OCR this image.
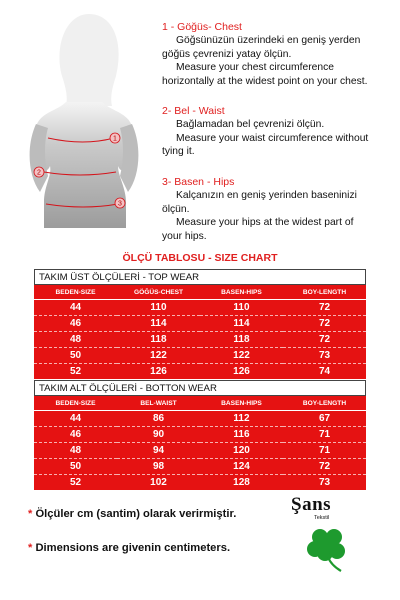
1
2
3
1 - Göğüs- Chest
Göğsünüzün üzerindeki en geniş yerden
göğüs çevrenizi yatay ölçün.
Measure your chest circumference
horizontally at the widest point on your chest.
2- Bel - Waist
Bağlamadan bel çevrenizi ölçün.
Measure your waist circumference without
tying it.
3- Basen - Hips
Kalçanızın en geniş yerinden baseninizi
ölçün.
Measure your hips at the widest part of
your hips.
ÖLÇÜ TABLOSU - SIZE CHART
TAKIM ÜST ÖLÇÜLERİ - TOP WEAR
BEDEN-SIZE	GÖĞÜS-CHEST	BASEN-HIPS	BOY-LENGTH
44	110	110	72
46	114	114	72
48	118	118	72
50	122	122	73
52	126	126	74
TAKIM ALT ÖLÇÜLERİ - BOTTON WEAR
BEDEN-SIZE	BEL-WAIST	BASEN-HIPS	BOY-LENGTH
44	86	112	67
46	90	116	71
48	94	120	71
50	98	124	72
52	102	128	73
* Ölçüler cm (santim) olarak verirmiştir.
* Dimensions are givenin centimeters.
Şans
Tekstil
